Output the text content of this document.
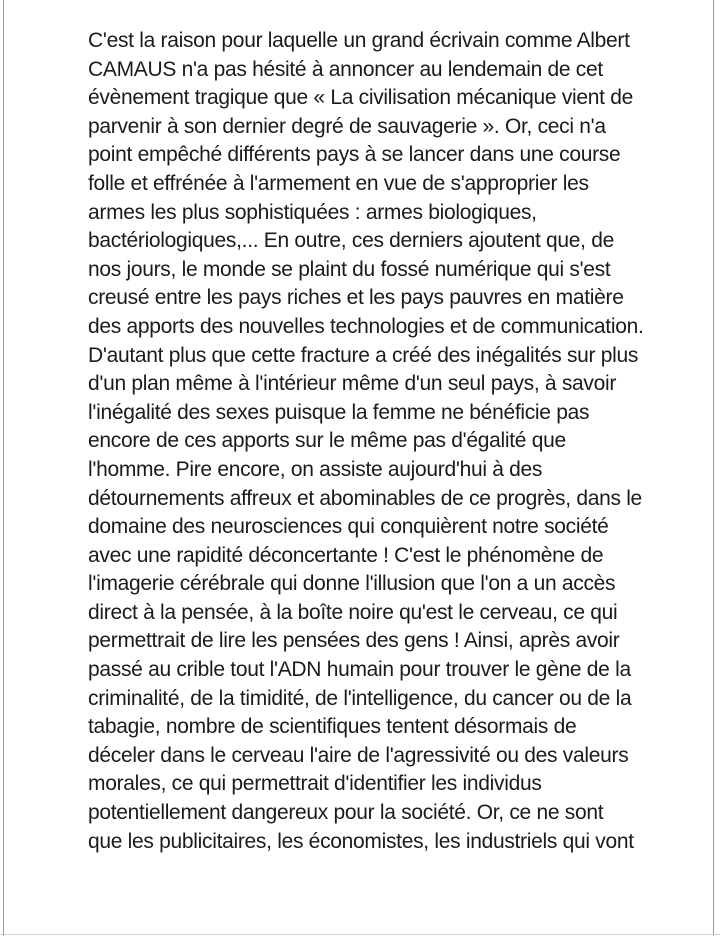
C'est la raison pour laquelle un grand écrivain comme Albert
CAMAUS n'a pas hésité à annoncer au lendemain de cet
évènement tragique que « La civilisation mécanique vient de
parvenir à son dernier degré de sauvagerie ». Or, ceci n'a
point empêché différents pays à se lancer dans une course
folle et effrénée à l'armement en vue de s'approprier les
armes les plus sophistiquées : armes biologiques,
bactériologiques,... En outre, ces derniers ajoutent que, de
nos jours, le monde se plaint du fossé numérique qui s'est
creusé entre les pays riches et les pays pauvres en matière
des apports des nouvelles technologies et de communication.
D'autant plus que cette fracture a créé des inégalités sur plus
d'un plan même à l'intérieur même d'un seul pays, à savoir
l'inégalité des sexes puisque la femme ne bénéficie pas
encore de ces apports sur le même pas d'égalité que
l'homme. Pire encore, on assiste aujourd'hui à des
détournements affreux et abominables de ce progrès, dans le
domaine des neurosciences qui conquièrent notre société
avec une rapidité déconcertante ! C'est le phénomène de
l'imagerie cérébrale qui donne l'illusion que l'on a un accès
direct à la pensée, à la boîte noire qu'est le cerveau, ce qui
permettrait de lire les pensées des gens ! Ainsi, après avoir
passé au crible tout l'ADN humain pour trouver le gène de la
criminalité, de la timidité, de l'intelligence, du cancer ou de la
tabagie, nombre de scientifiques tentent désormais de
déceler dans le cerveau l'aire de l'agressivité ou des valeurs
morales, ce qui permettrait d'identifier les individus
potentiellement dangereux pour la société. Or, ce ne sont
que les publicitaires, les économistes, les industriels qui vont
